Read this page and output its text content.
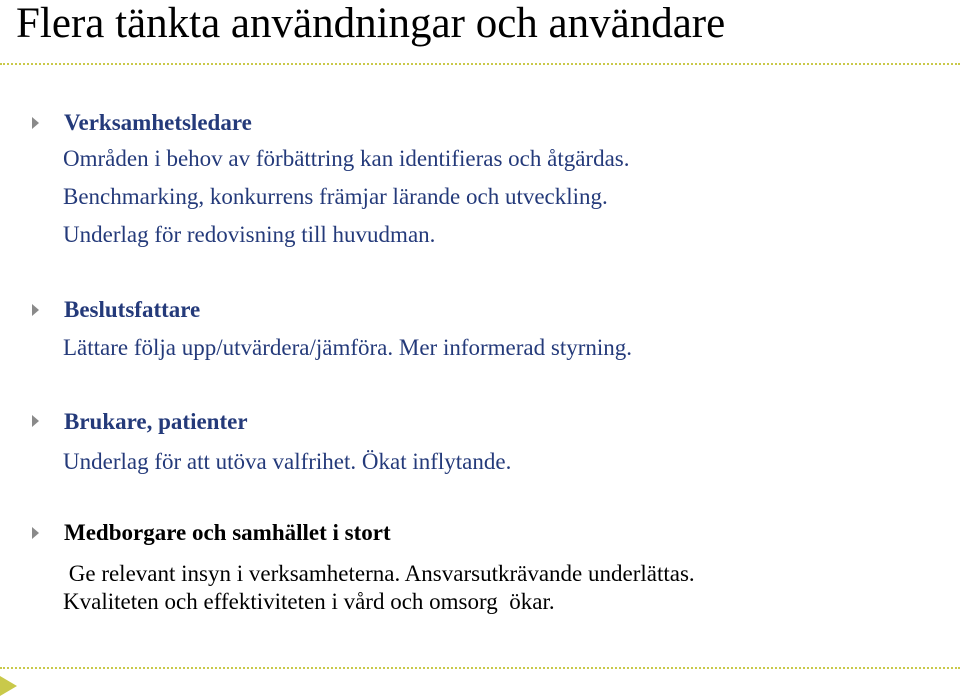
Flera tänkta användningar och användare
Verksamhetsledare
Områden i behov av förbättring kan identifieras och åtgärdas.
Benchmarking, konkurrens främjar lärande och utveckling.
Underlag för redovisning till huvudman.
Beslutsfattare
Lättare följa upp/utvärdera/jämföra. Mer informerad styrning.
Brukare, patienter
Underlag för att utöva valfrihet. Ökat inflytande.
Medborgare och samhället i stort
Ge relevant insyn i verksamheterna. Ansvarsutkrävande underlättas.
Kvaliteten och effektiviteten i vård och omsorg  ökar.
